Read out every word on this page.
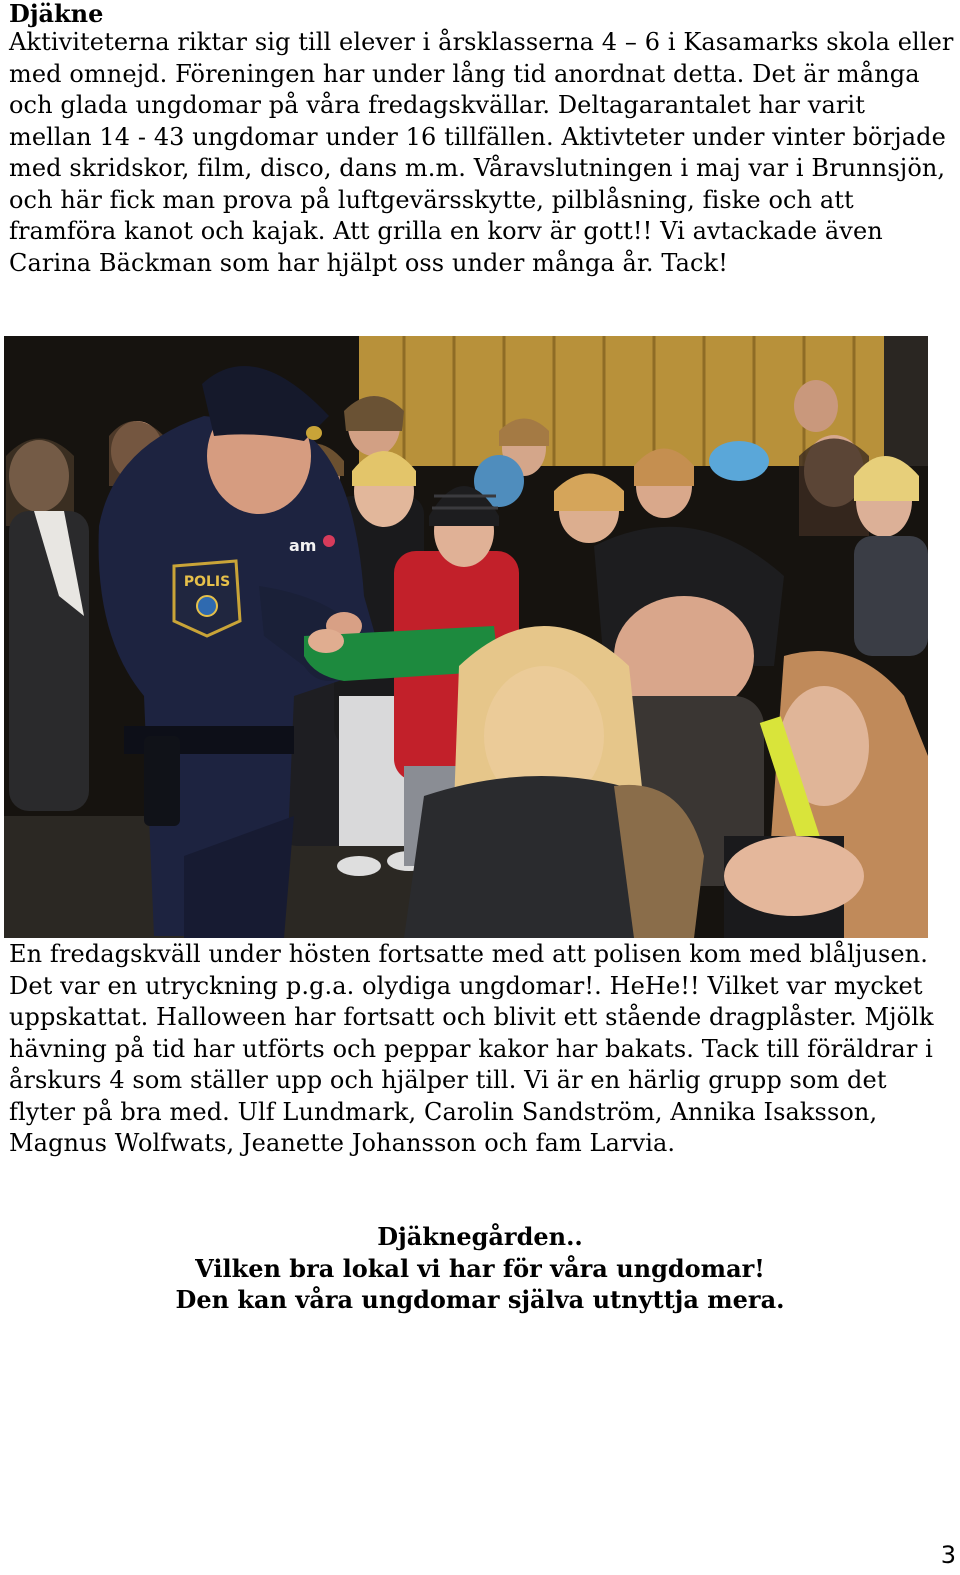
Djäkne
Aktiviteterna riktar sig till elever i årsklasserna 4 – 6 i Kasamarks skola eller med omnejd. Föreningen har under lång tid anordnat detta. Det är många och glada ungdomar på våra fredagskvällar. Deltagarantalet har varit mellan 14 - 43 ungdomar under 16 tillfällen. Aktivteter under vinter började med skridskor, film, disco, dans m.m. Våravslutningen i maj var i Brunnsjön, och här fick man prova på luftgevärsskytte, pilblåsning, fiske och att framföra kanot och kajak. Att grilla en korv är gott!! Vi avtackade även Carina Bäckman som har hjälpt oss under många år. Tack!
POLIS
am
En fredagskväll under hösten fortsatte med att polisen kom med blåljusen. Det var en utryckning p.g.a. olydiga ungdomar!. HeHe!! Vilket var mycket uppskattat. Halloween har fortsatt och blivit ett stående dragplåster. Mjölk hävning på tid har utförts och peppar kakor har bakats. Tack till föräldrar i årskurs 4 som ställer upp och hjälper till. Vi är en härlig grupp som det flyter på bra med. Ulf Lundmark, Carolin Sandström, Annika Isaksson, Magnus Wolfwats, Jeanette Johansson och fam Larvia.
Djäknegården..
Vilken bra lokal vi har för våra ungdomar!
Den kan våra ungdomar själva utnyttja mera.
3
